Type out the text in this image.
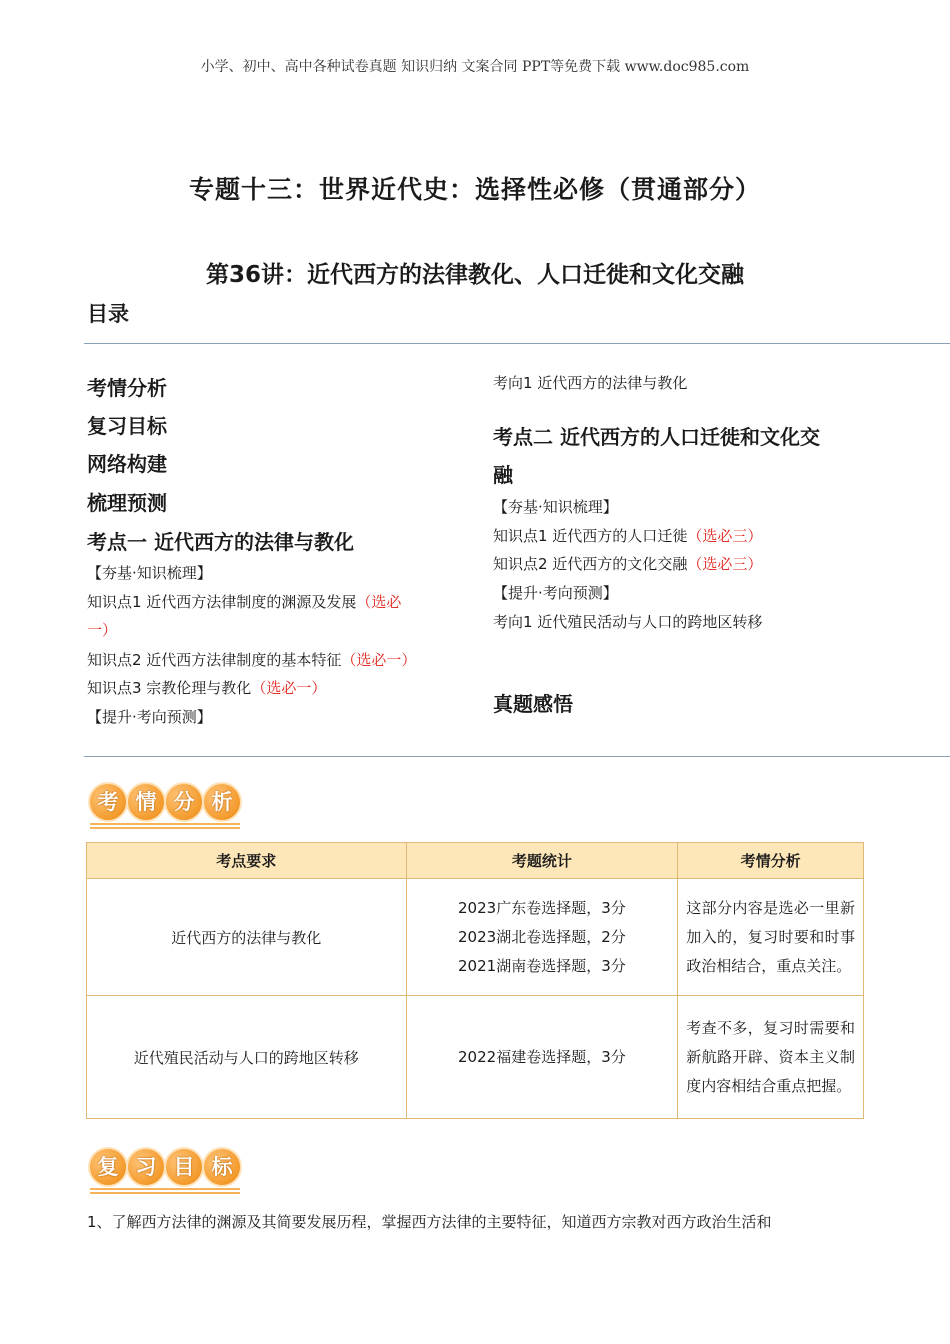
小学、初中、高中各种试卷真题 知识归纳 文案合同 PPT等免费下载 www.doc985.com
专题十三：世界近代史：选择性必修（贯通部分）
第36讲：近代西方的法律教化、人口迁徙和文化交融
目录
考情分析
复习目标
网络构建
梳理预测
考点一 近代西方的法律与教化
【夯基·知识梳理】
知识点1 近代西方法律制度的渊源及发展（选必
一）
知识点2 近代西方法律制度的基本特征（选必一）
知识点3 宗教伦理与教化（选必一）
【提升·考向预测】
考向1 近代西方的法律与教化
考点二 近代西方的人口迁徙和文化交
融
【夯基·知识梳理】
知识点1 近代西方的人口迁徙（选必三）
知识点2 近代西方的文化交融（选必三）
【提升·考向预测】
考向1 近代殖民活动与人口的跨地区转移
真题感悟
考 情 分 析
考点要求	考题统计	考情分析
近代西方的法律与教化	2023广东卷选择题，3分
2023湖北卷选择题，2分
2021湖南卷选择题，3分	这部分内容是选必一里新加入的，复习时要和时事政治相结合，重点关注。
近代殖民活动与人口的跨地区转移	2022福建卷选择题，3分	考查不多，复习时需要和新航路开辟、资本主义制度内容相结合重点把握。
复 习 目 标
1、了解西方法律的渊源及其简要发展历程，掌握西方法律的主要特征，知道西方宗教对西方政治生活和
